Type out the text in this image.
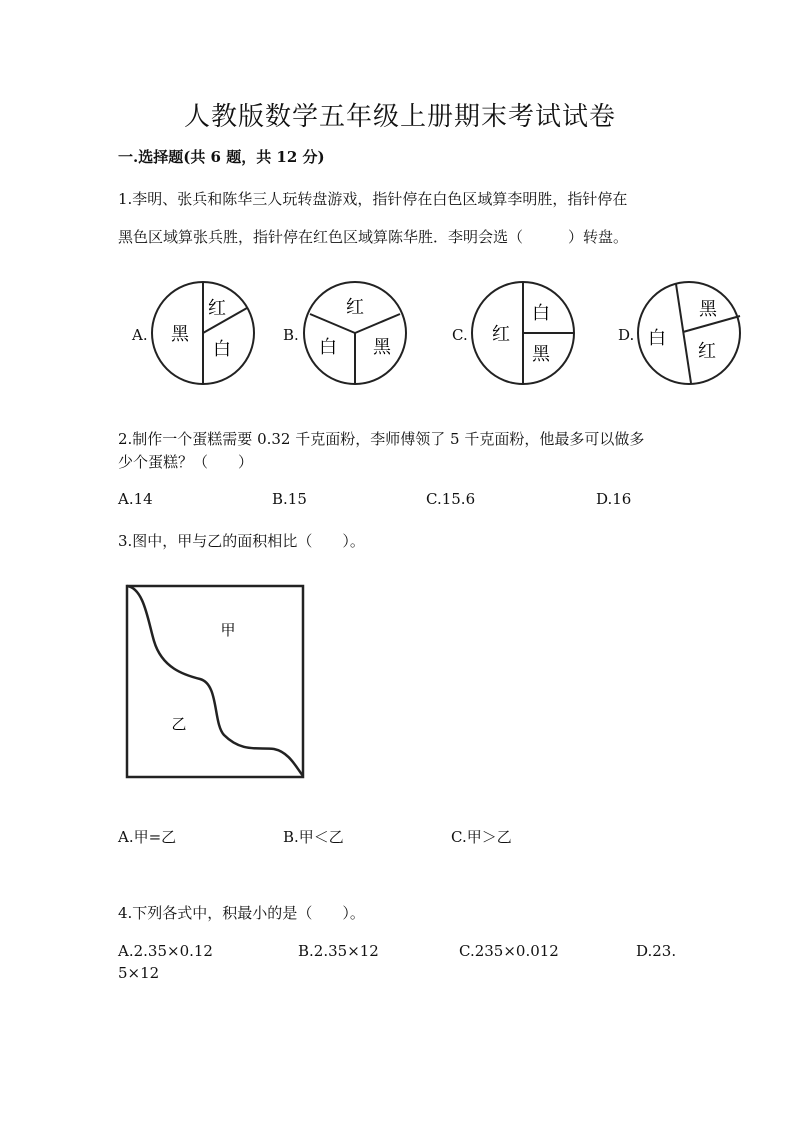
人教版数学五年级上册期末考试试卷
一.选择题(共 6 题，共 12 分)
1.李明、张兵和陈华三人玩转盘游戏，指针停在白色区域算李明胜，指针停在
黑色区域算张兵胜，指针停在红色区域算陈华胜．李明会选（　　　）转盘。
A. 黑
红
白
B.
红
白 黑
C. 红
白
黑
D.
黑
白
红
2.制作一个蛋糕需要 0.32 千克面粉，李师傅领了 5 千克面粉，他最多可以做多
少个蛋糕？（　　）
A.14	B.15	C.15.6	D.16
3.图中，甲与乙的面积相比（　　）。
甲
乙
A.甲=乙	B.甲＜乙	C.甲＞乙
4.下列各式中，积最小的是（　　）。
A.2.35×0.12	B.2.35×12	C.235×0.012	D.23.
5×12
